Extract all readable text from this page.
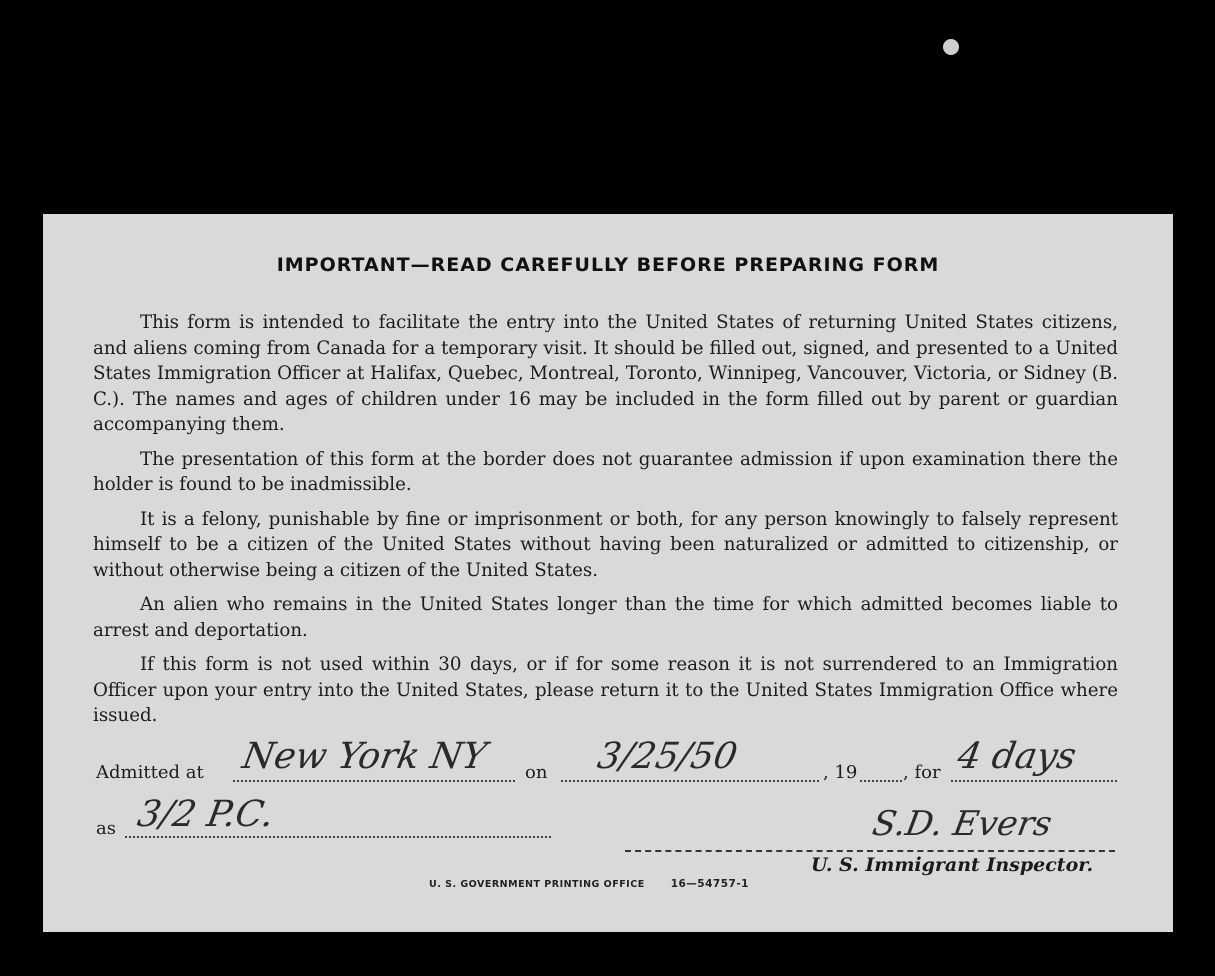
IMPORTANT—READ CAREFULLY BEFORE PREPARING FORM

This form is intended to facilitate the entry into the United States of returning United States citizens, and aliens coming from Canada for a temporary visit. It should be filled out, signed, and presented to a United States Immigration Officer at Halifax, Quebec, Montreal, Toronto, Winnipeg, Vancouver, Victoria, or Sidney (B. C.). The names and ages of children under 16 may be included in the form filled out by parent or guardian accompanying them.

The presentation of this form at the border does not guarantee admission if upon examination there the holder is found to be inadmissible.

It is a felony, punishable by fine or imprisonment or both, for any person knowingly to falsely represent himself to be a citizen of the United States without having been naturalized or admitted to citizenship, or without otherwise being a citizen of the United States.

An alien who remains in the United States longer than the time for which admitted becomes liable to arrest and deportation.

If this form is not used within 30 days, or if for some reason it is not surrendered to an Immigration Officer upon your entry into the United States, please return it to the United States Immigration Office where issued.

Admitted at New York NY on 3/25/50	, 19	, for 4 days
as 3/2 P.C.	S.D. Evers
U. S. Immigrant Inspector.
U. S. GOVERNMENT PRINTING OFFICE 16—54757-1
